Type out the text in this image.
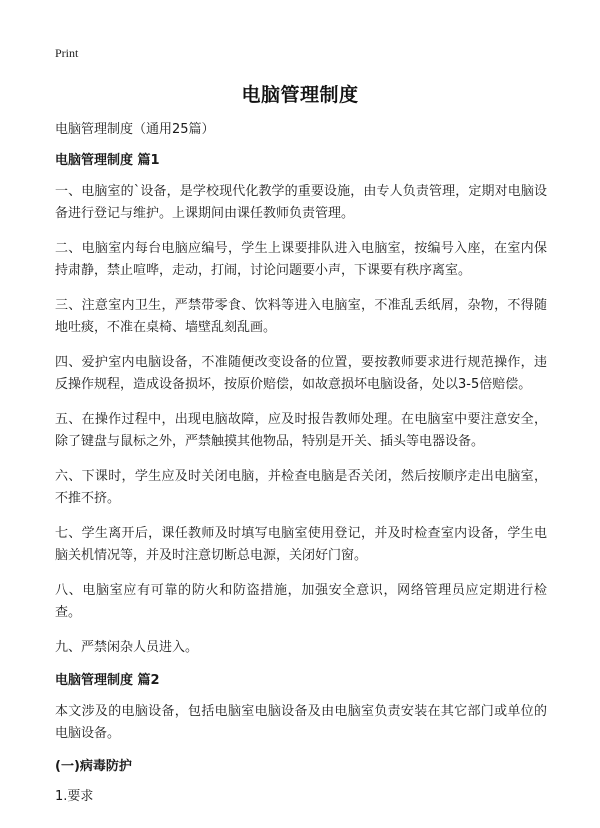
Print
电脑管理制度

电脑管理制度（通用25篇）

电脑管理制度 篇1

一、电脑室的`设备，是学校现代化教学的重要设施，由专人负责管理，定期对电脑设备进行登记与维护。上课期间由课任教师负责管理。

二、电脑室内每台电脑应编号，学生上课要排队进入电脑室，按编号入座，在室内保持肃静，禁止喧哗，走动，打闹，讨论问题要小声，下课要有秩序离室。

三、注意室内卫生，严禁带零食、饮料等进入电脑室，不准乱丢纸屑，杂物，不得随地吐痰，不准在桌椅、墙壁乱刻乱画。

四、爱护室内电脑设备，不准随便改变设备的位置，要按教师要求进行规范操作，违反操作规程，造成设备损坏，按原价赔偿，如故意损坏电脑设备，处以3-5倍赔偿。

五、在操作过程中，出现电脑故障，应及时报告教师处理。在电脑室中要注意安全，除了键盘与鼠标之外，严禁触摸其他物品，特别是开关、插头等电器设备。

六、下课时，学生应及时关闭电脑，并检查电脑是否关闭，然后按顺序走出电脑室，不推不挤。

七、学生离开后，课任教师及时填写电脑室使用登记，并及时检查室内设备，学生电脑关机情况等，并及时注意切断总电源，关闭好门窗。

八、电脑室应有可靠的防火和防盗措施，加强安全意识，网络管理员应定期进行检查。

九、严禁闲杂人员进入。

电脑管理制度 篇2

本文涉及的电脑设备，包括电脑室电脑设备及由电脑室负责安装在其它部门或单位的电脑设备。

(一)病毒防护

1.要求
